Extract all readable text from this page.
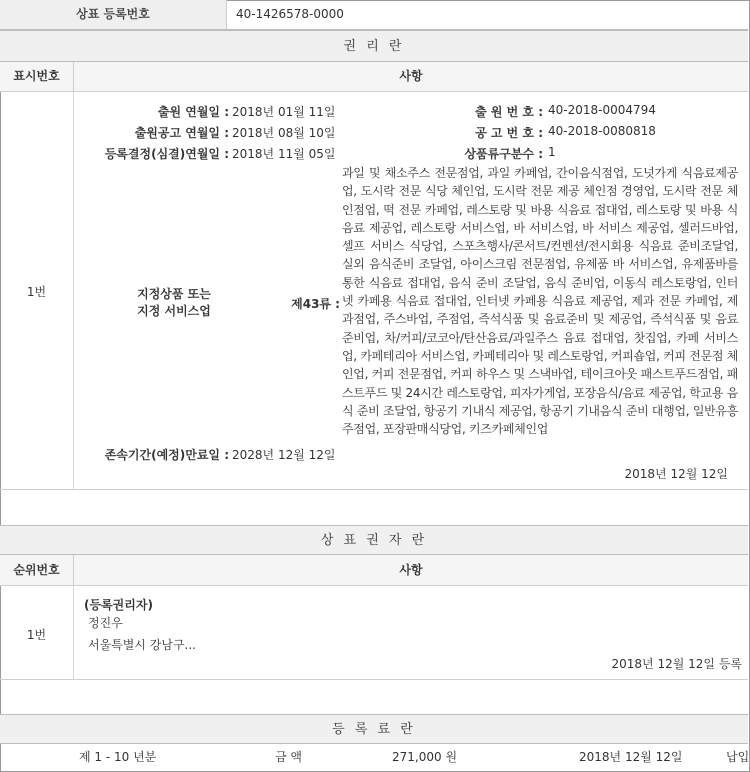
상표 등록번호	40-1426578-0000
권 리 란
표시번호	사항
1번
출원 연월일 : 2018년 01월 11일	출 원 번 호 : 40-2018-0004794
출원공고 연월일 : 2018년 08월 10일	공 고 번 호 : 40-2018-0080818
등록결정(심결)연월일 : 2018년 11월 05일	상품류구분수 : 1
지정상품 또는
지정 서비스업	제43류 :
과일 및 채소주스 전문점업, 과일 카페업, 간이음식점업, 도넛가게 식음료제공업, 도시락 전문 식당 체인업, 도시락 전문 제공 체인점 경영업, 도시락 전문 체인점업, 떡 전문 카페업, 레스토랑 및 바용 식음료 접대업, 레스토랑 및 바용 식음료 제공업, 레스토랑 서비스업, 바 서비스업, 바 서비스 제공업, 셀러드바업, 셀프 서비스 식당업, 스포츠행사/콘서트/컨벤션/전시회용 식음료 준비조달업, 실외 음식준비 조달업, 아이스크림 전문점업, 유제품 바 서비스업, 유제품바를 통한 식음료 접대업, 음식 준비 조달업, 음식 준비업, 이동식 레스토랑업, 인터넷 카페용 식음료 접대업, 인터넷 카페용 식음료 제공업, 제과 전문 카페업, 제과점업, 주스바업, 주점업, 즉석식품 및 음료준비 및 제공업, 즉석식품 및 음료 준비업, 차/커피/코코아/탄산음료/과일주스 음료 접대업, 찻집업, 카페 서비스업, 카페테리아 서비스업, 카페테리아 및 레스토랑업, 커피숍업, 커피 전문점 체인업, 커피 전문점업, 커피 하우스 및 스낵바업, 테이크아웃 패스트푸드점업, 패스트푸드 및 24시간 레스토랑업, 피자가게업, 포장음식/음료 제공업, 학교용 음식 준비 조달업, 항공기 기내식 제공업, 항공기 기내음식 준비 대행업, 일반유흥주점업, 포장판매식당업, 키즈카페체인업
존속기간(예정)만료일 : 2028년 12월 12일
2018년 12월 12일
상 표 권 자 란
순위번호	사항
1번
(등록권리자)
정진우
서울특별시 강남구...
2018년 12월 12일 등록
등 록 료 란
제 1 - 10 년분	금 액	271,000 원	2018년 12월 12일	납입
